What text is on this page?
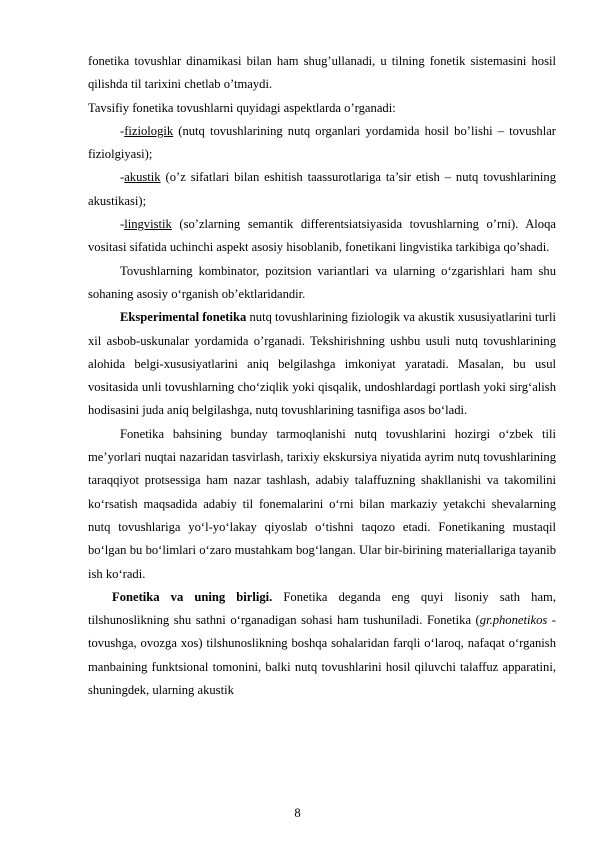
fonetika tovushlar dinamikasi bilan ham shug’ullanadi, u tilning fonetik sistemasini hosil qilishda til tarixini chetlab o’tmaydi.

Tavsifiy fonetika tovushlarni quyidagi aspektlarda o’rganadi:

-fiziologik (nutq tovushlarining nutq organlari yordamida hosil bo’lishi – tovushlar fiziolgiyasi);

-akustik (o’z sifatlari bilan eshitish taassurotlariga ta’sir etish – nutq tovushlarining akustikasi);

-lingvistik (so’zlarning semantik differentsiatsiyasida tovushlarning o’rni). Aloqa vositasi sifatida uchinchi aspekt asosiy hisoblanib, fonetikani lingvistika tarkibiga qo’shadi.

Tovushlarning kombinator, pozitsion variantlari va ularning o‘zgarishlari ham shu sohaning asosiy o‘rganish ob’ektlaridandir.

Eksperimental fonetika nutq tovushlarining fiziologik va akustik xususiyatlarini turli xil asbob-uskunalar yordamida o’rganadi. Tekshirishning ushbu usuli nutq tovushlarining alohida belgi-xususiyatlarini aniq belgilashga imkoniyat yaratadi. Masalan, bu usul vositasida unli tovushlarning cho‘ziqlik yoki qisqalik, undoshlardagi portlash yoki sirg‘alish hodisasini juda aniq belgilashga, nutq tovushlarining tasnifiga asos bo‘ladi.

Fonetika bahsining bunday tarmoqlanishi nutq tovushlarini hozirgi o‘zbek tili me’yorlari nuqtai nazaridan tasvirlash, tarixiy ekskursiya niyatida ayrim nutq tovushlarining taraqqiyot protsessiga ham nazar tashlash, adabiy talaffuzning shakllanishi va takomilini ko‘rsatish maqsadida adabiy til fonemalarini o‘rni bilan markaziy yetakchi shevalarning nutq tovushlariga yo‘l-yo‘lakay qiyoslab o‘tishni taqozo etadi. Fonetikaning mustaqil bo‘lgan bu bo‘limlari o‘zaro mustahkam bog‘langan. Ular bir-birining materiallariga tayanib ish ko‘radi.

Fonetika va uning birligi. Fonetika deganda eng quyi lisoniy sath ham, tilshunoslikning shu sathni o‘rganadigan sohasi ham tushuniladi. Fonetika (gr.phonetikos - tovushga, ovozga xos) tilshunoslikning boshqa sohalaridan farqli o‘laroq, nafaqat o‘rganish manbaining funktsional tomonini, balki nutq tovushlarini hosil qiluvchi talaffuz apparatini, shuningdek, ularning akustik

8
